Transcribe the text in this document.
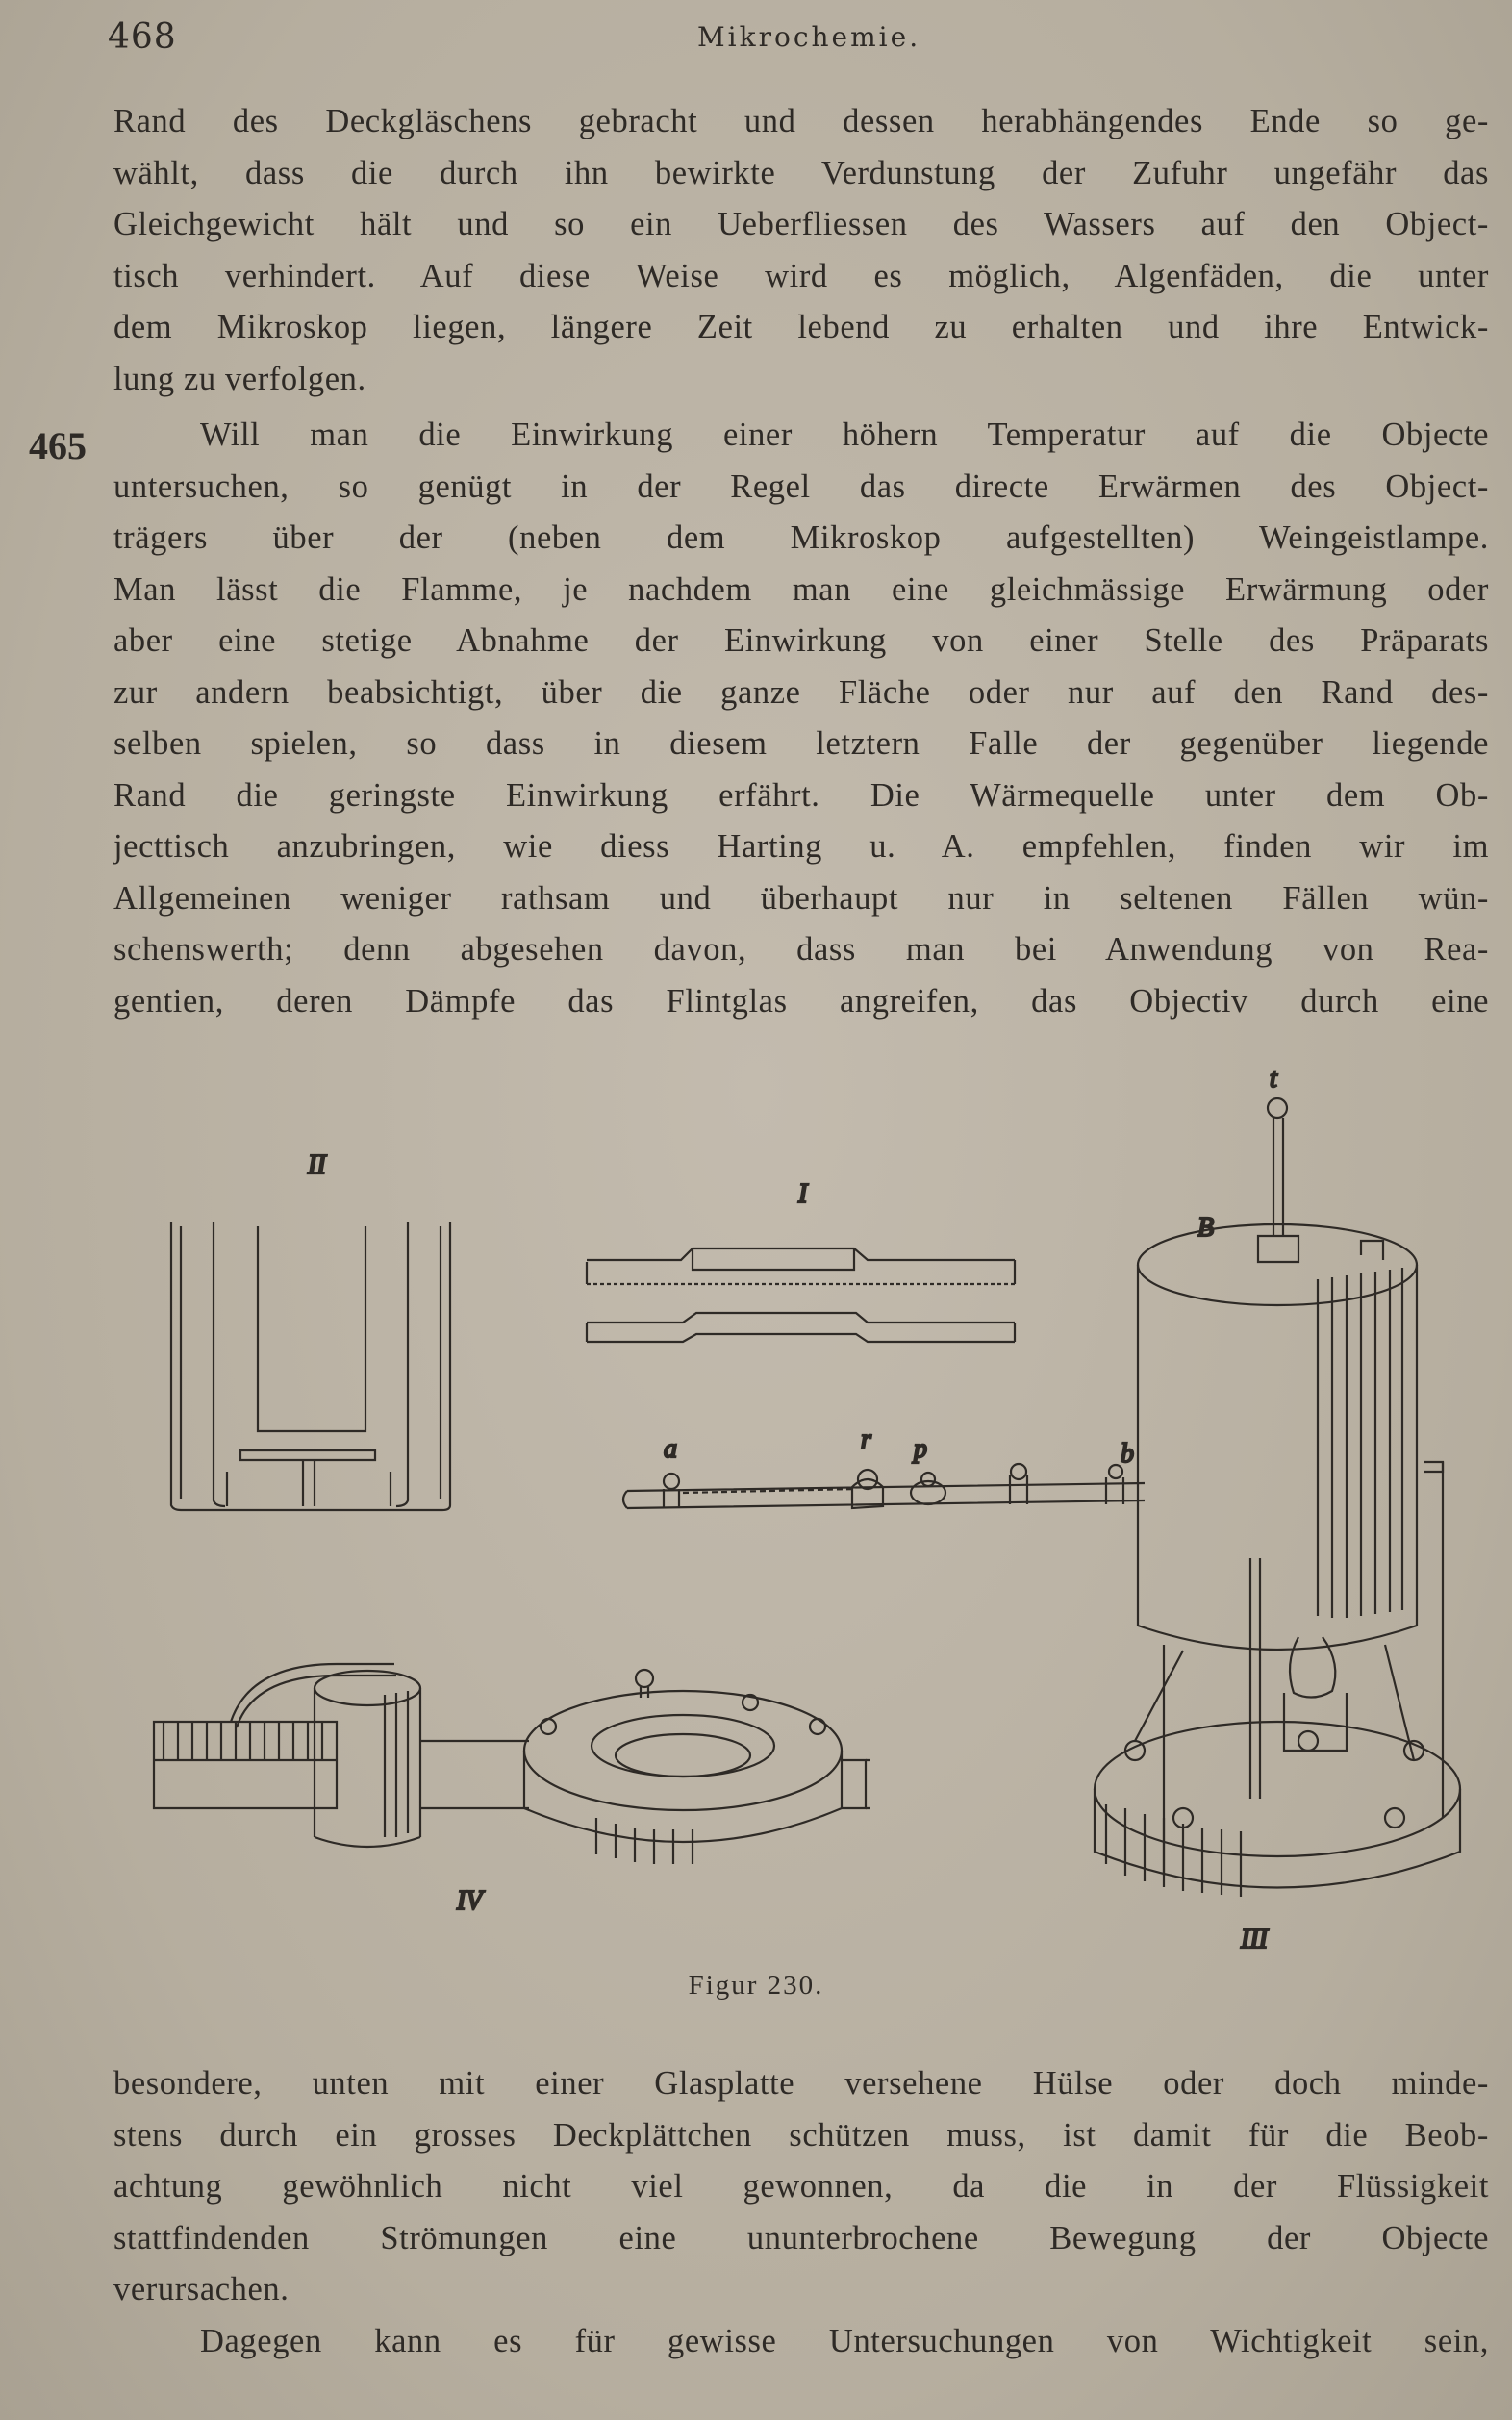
468	Mikrochemie.
465
Rand des Deckgläschens gebracht und dessen herabhängendes Ende so ge-
wählt, dass die durch ihn bewirkte Verdunstung der Zufuhr ungefähr das
Gleichgewicht hält und so ein Ueberfliessen des Wassers auf den Object-
tisch verhindert. Auf diese Weise wird es möglich, Algenfäden, die unter
dem Mikroskop liegen, längere Zeit lebend zu erhalten und ihre Entwick-
lung zu verfolgen.
Will man die Einwirkung einer höhern Temperatur auf die Objecte
untersuchen, so genügt in der Regel das directe Erwärmen des Object-
trägers über der (neben dem Mikroskop aufgestellten) Weingeistlampe.
Man lässt die Flamme, je nachdem man eine gleichmässige Erwärmung oder
aber eine stetige Abnahme der Einwirkung von einer Stelle des Präparats
zur andern beabsichtigt, über die ganze Fläche oder nur auf den Rand des-
selben spielen, so dass in diesem letztern Falle der gegenüber liegende
Rand die geringste Einwirkung erfährt. Die Wärmequelle unter dem Ob-
jecttisch anzubringen, wie diess Harting u. A. empfehlen, finden wir im
Allgemeinen weniger rathsam und überhaupt nur in seltenen Fällen wün-
schenswerth; denn abgesehen davon, dass man bei Anwendung von Rea-
gentien, deren Dämpfe das Flintglas angreifen, das Objectiv durch eine
II
I
a	r p	b
B
t
III
IV
Figur 230.
besondere, unten mit einer Glasplatte versehene Hülse oder doch minde-
stens durch ein grosses Deckplättchen schützen muss, ist damit für die Beob-
achtung gewöhnlich nicht viel gewonnen, da die in der Flüssigkeit
stattfindenden Strömungen eine ununterbrochene Bewegung der Objecte
verursachen.
Dagegen kann es für gewisse Untersuchungen von Wichtigkeit sein,
